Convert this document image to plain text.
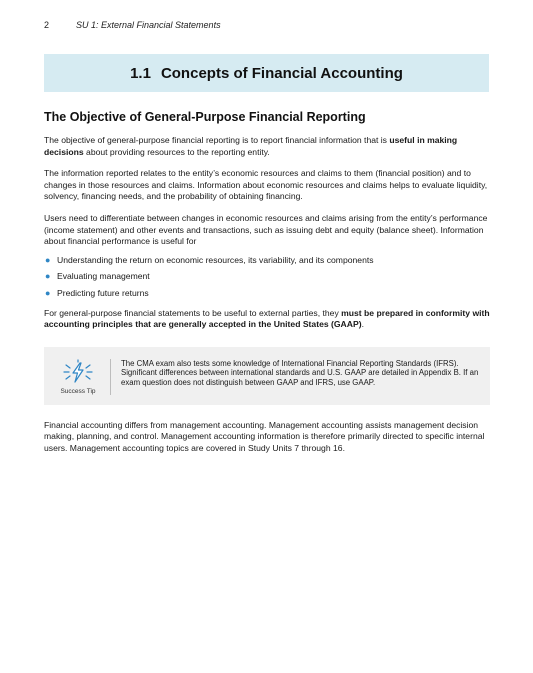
2	SU 1: External Financial Statements
1.1 Concepts of Financial Accounting
The Objective of General-Purpose Financial Reporting

The objective of general-purpose financial reporting is to report financial information that is useful in making decisions about providing resources to the reporting entity.

The information reported relates to the entity’s economic resources and claims to them (financial position) and to changes in those resources and claims. Information about economic resources and claims helps to evaluate liquidity, solvency, financing needs, and the probability of obtaining financing.

Users need to differentiate between changes in economic resources and claims arising from the entity’s performance (income statement) and other events and transactions, such as issuing debt and equity (balance sheet). Information about financial performance is useful for

● Understanding the return on economic resources, its variability, and its components
● Evaluating management
● Predicting future returns

For general-purpose financial statements to be useful to external parties, they must be prepared in conformity with accounting principles that are generally accepted in the United States (GAAP).

Success Tip
The CMA exam also tests some knowledge of International Financial Reporting Standards (IFRS). Significant differences between international standards and U.S. GAAP are detailed in Appendix B. If an exam question does not distinguish between GAAP and IFRS, use GAAP.

Financial accounting differs from management accounting. Management accounting assists management decision making, planning, and control. Management accounting information is therefore primarily directed to specific internal users. Management accounting topics are covered in Study Units 7 through 16.
